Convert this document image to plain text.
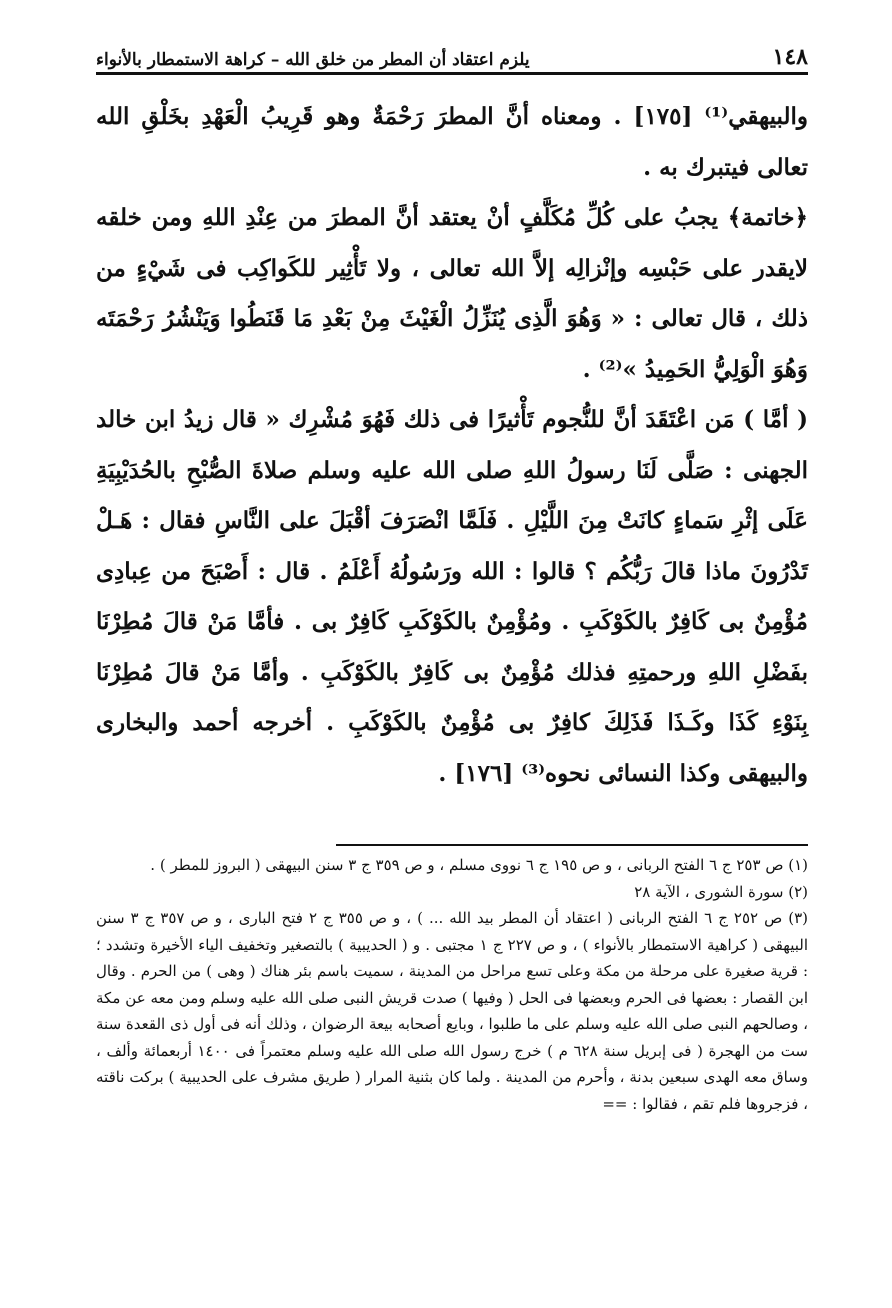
١٤٨
يلزم اعتقاد أن المطر من خلق الله – كراهة الاستمطار بالأنواء

والبيهقي⁽¹⁾ [١٧٥] . ومعناه أنَّ المطرَ رَحْمَةٌ وهو قَرِيبُ الْعَهْدِ بخَلْقِ الله تعالى فيتبرك به .

﴿خاتمة﴾ يجبُ على كُلِّ مُكَلَّفٍ أنْ يعتقد أنَّ المطرَ من عِنْدِ اللهِ ومن خلقه لايقدر على حَبْسِه وإنْزالِه إلاَّ الله تعالى ، ولا تَأْثِير للكَواكِب فى شَيْءٍ من ذلك ، قال تعالى : « وَهُوَ الَّذِى يُنَزِّلُ الْغَيْثَ مِنْ بَعْدِ مَا قَنَطُوا وَيَنْشُرُ رَحْمَتَه وَهُوَ الْوَلِيُّ الحَمِيدُ »⁽²⁾ .

( أمَّا ) مَن اعْتَقَدَ أنَّ للنُّجوم تَأْثيرًا فى ذلك فَهُوَ مُشْرِك « قال زيدُ ابن خالد الجهنى : صَلَّى لَنَا رسولُ اللهِ صلى الله عليه وسلم صلاةَ الصُّبْحِ بالحُدَيْبِيَةِ عَلَى إثْرِ سَماءٍ كانَتْ مِنَ اللَّيْلِ . فَلَمَّا انْصَرَفَ أقْبَلَ على النَّاسِ فقال : هَـلْ تَدْرُونَ ماذا قالَ رَبُّكُم ؟ قالوا : الله ورَسُولُهُ أَعْلَمُ . قال : أَصْبَحَ من عِبادِى مُؤْمِنٌ بى كَافِرٌ بالكَوْكَبِ . ومُؤْمِنٌ بالكَوْكَبِ كَافِرٌ بى . فأمَّا مَنْ قالَ مُطِرْنَا بفَضْلِ اللهِ ورحمتِهِ فذلك مُؤْمِنٌ بى كَافِرٌ بالكَوْكَبِ . وأمَّا مَنْ قالَ مُطِرْنَا بِنَوْءِ كَذَا وكَـذَا فَذَلِكَ كافِرٌ بى مُؤْمِنٌ بالكَوْكَبِ . أخرجه أحمد والبخارى والبيهقى وكذا النسائى نحوه⁽³⁾ [١٧٦] .

(١) ص ٢٥٣ ج ٦ الفتح الربانى ، و ص ١٩٥ ج ٦ نووى مسلم ، و ص ٣٥٩ ج ٣ سنن البيهقى ( البروز للمطر ) .

(٢) سورة الشورى ، الآية ٢٨

(٣) ص ٢٥٢ ج ٦ الفتح الربانى ( اعتقاد أن المطر بيد الله ... ) ، و ص ٣٥٥ ج ٢ فتح البارى ، و ص ٣٥٧ ج ٣ سنن البيهقى ( كراهية الاستمطار بالأنواء ) ، و ص ٢٢٧ ج ١ مجتبى . و ( الحديبية ) بالتصغير وتخفيف الياء الأخيرة وتشدد ؛ : قرية صغيرة على مرحلة من مكة وعلى تسع مراحل من المدينة ، سميت باسم بئر هناك ( وهى ) من الحرم . وقال ابن القصار : بعضها فى الحرم وبعضها فى الحل ( وفيها ) صدت قريش النبى صلى الله عليه وسلم ومن معه عن مكة ، وصالحهم النبى صلى الله عليه وسلم على ما طلبوا ، وبايع أصحابه بيعة الرضوان ، وذلك أنه فى أول ذى القعدة سنة ست من الهجرة ( فى إبريل سنة ٦٢٨ م ) خرج رسول الله صلى الله عليه وسلم معتمراً فى ١٤٠٠ أربعمائة وألف ، وساق معه الهدى سبعين بدنة ، وأحرم من المدينة . ولما كان بثنية المرار ( طريق مشرف على الحديبية ) بركت ناقته ، فزجروها فلم تقم ، فقالوا : ==
